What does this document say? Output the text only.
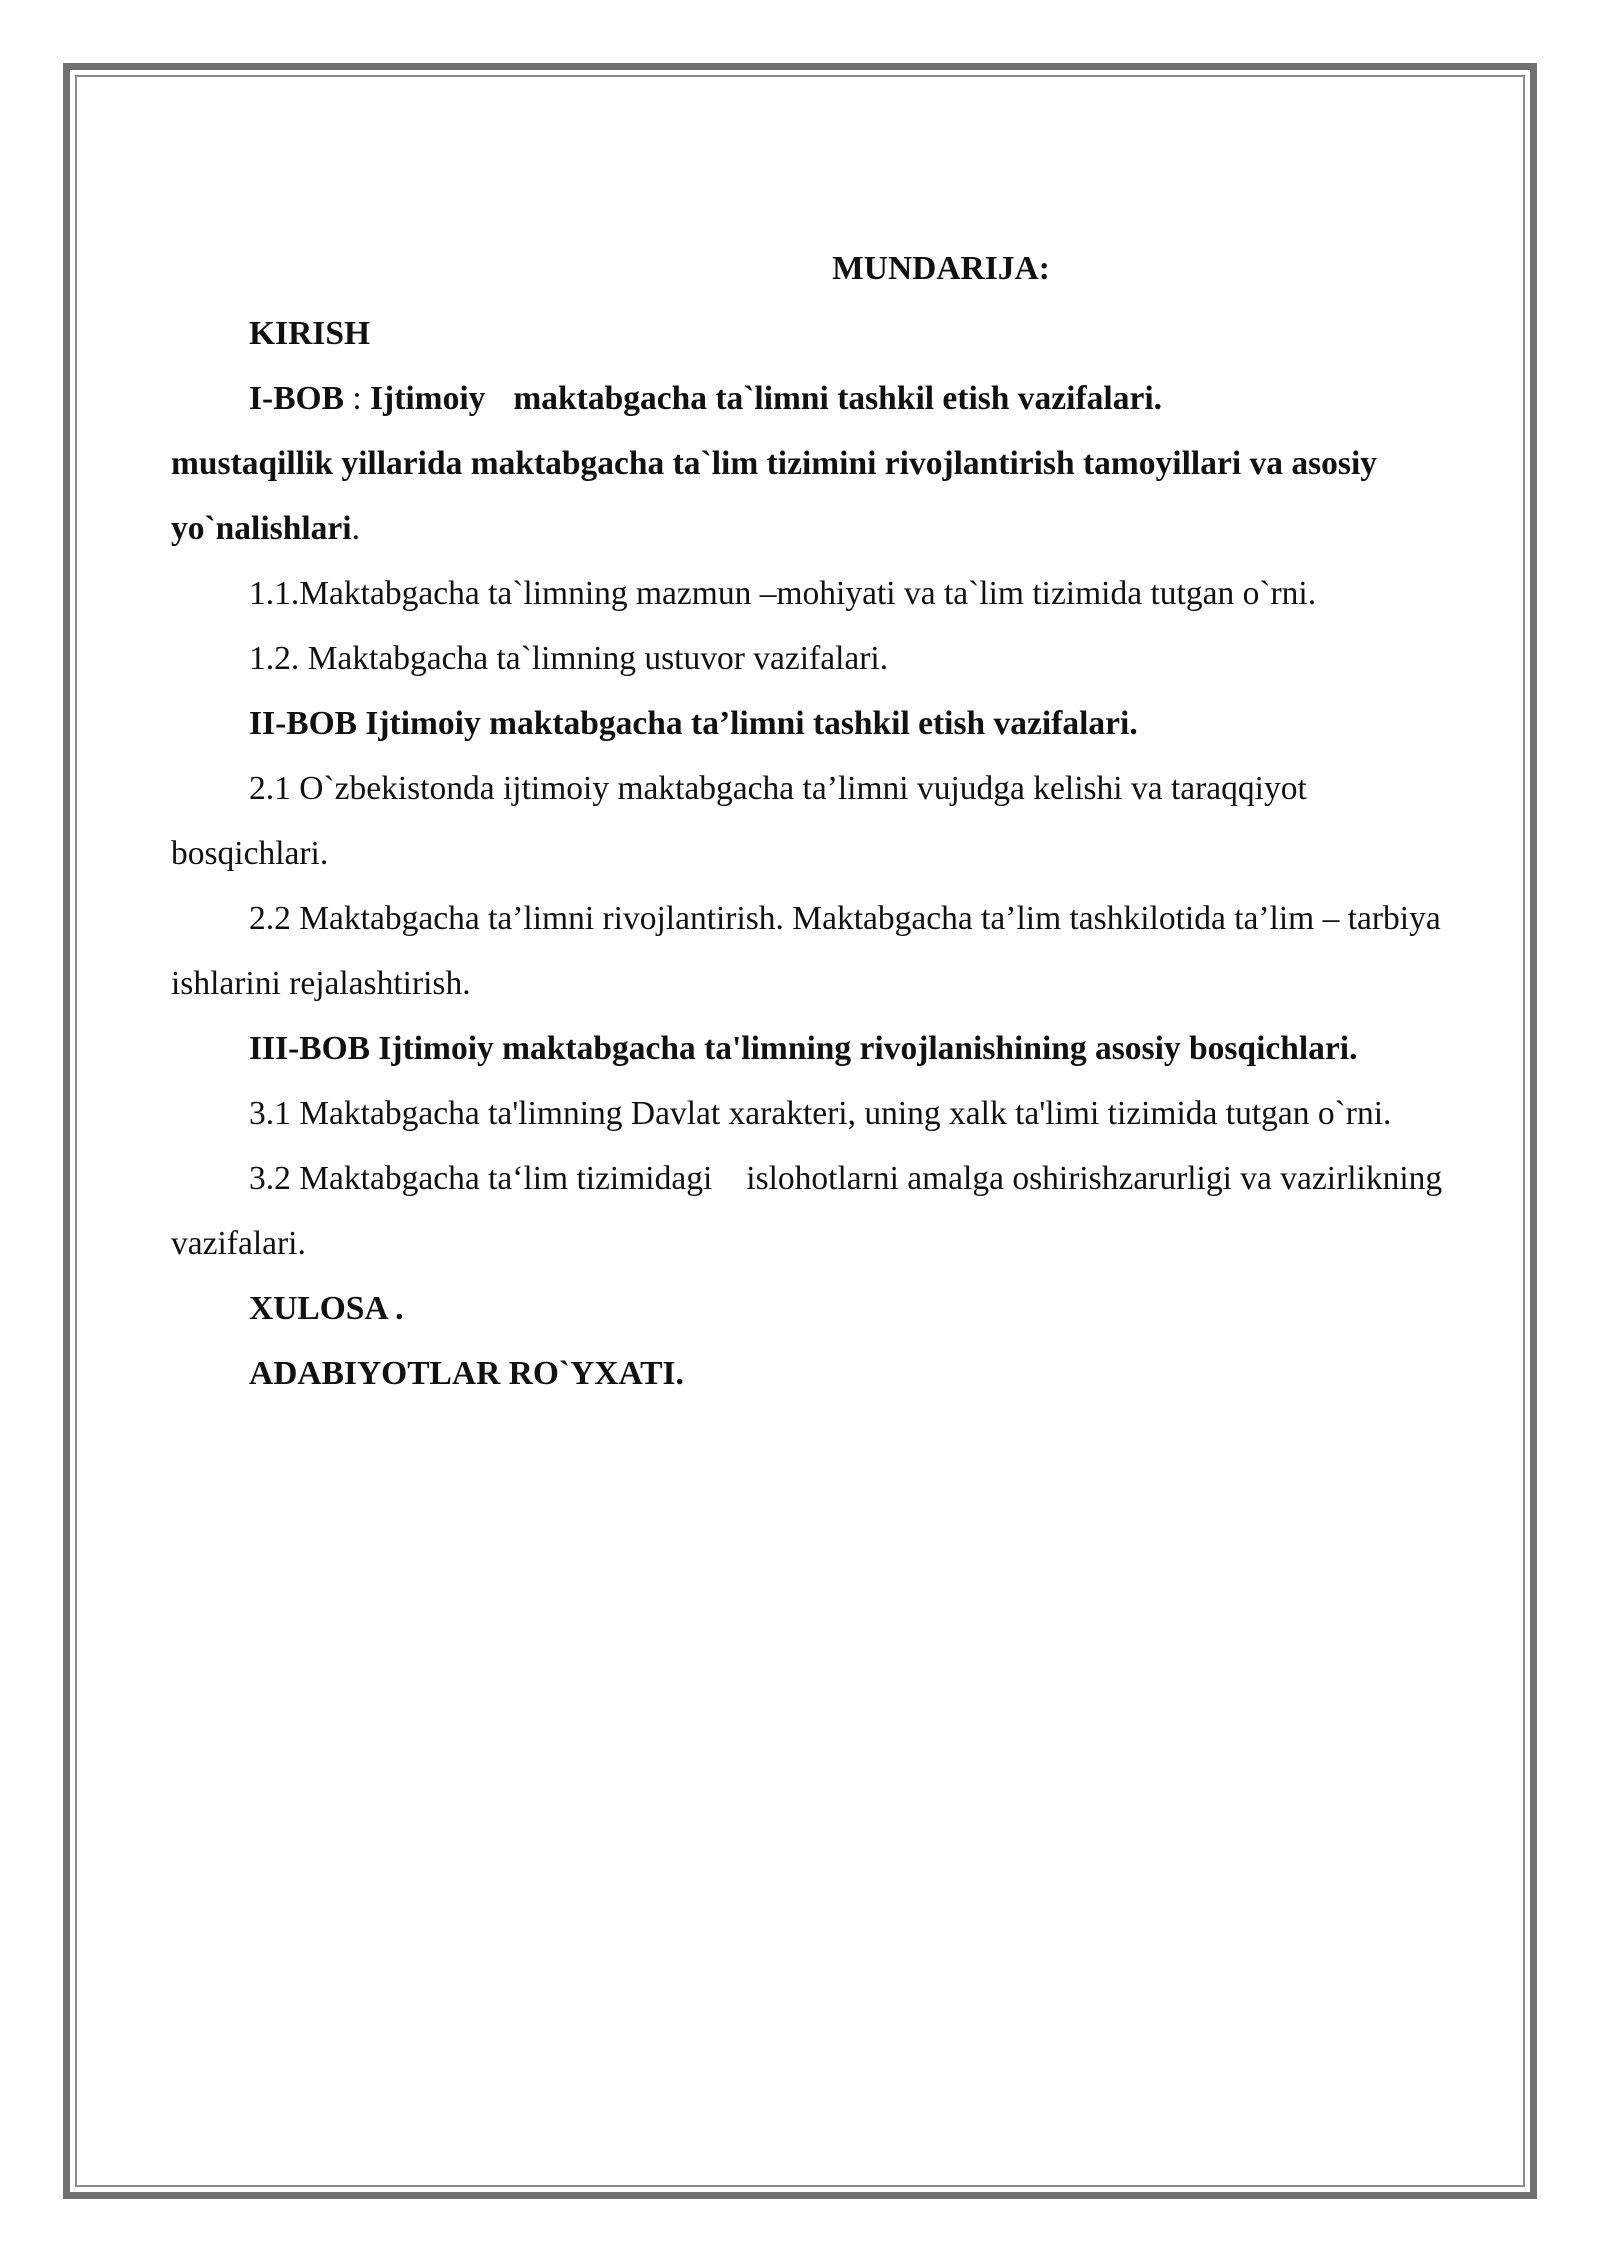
MUNDARIJA:

KIRISH

I-BOB : Ijtimoiy maktabgacha ta`limni tashkil etish vazifalari.

mustaqillik yillarida maktabgacha ta`lim tizimini rivojlantirish tamoyillari va asosiy yo`nalishlari.

1.1.Maktabgacha ta`limning mazmun –mohiyati va ta`lim tizimida tutgan o`rni.

1.2. Maktabgacha ta`limning ustuvor vazifalari.

II-BOB Ijtimoiy maktabgacha ta’limni tashkil etish vazifalari.

2.1 O`zbekistonda ijtimoiy maktabgacha ta’limni vujudga kelishi va taraqqiyot bosqichlari.

2.2 Maktabgacha ta’limni rivojlantirish. Maktabgacha ta’lim tashkilotida ta’lim – tarbiya ishlarini rejalashtirish.

III-BOB Ijtimoiy maktabgacha ta'limning rivojlanishining asosiy bosqichlari.

3.1 Maktabgacha ta'limning Davlat xarakteri, uning xalk ta'limi tizimida tutgan o`rni.

3.2 Maktabgacha ta‘lim tizimidagi islohotlarni amalga oshirishzarurligi va vazirlikning vazifalari.

XULOSA .

ADABIYOTLAR RO`YXATI.
